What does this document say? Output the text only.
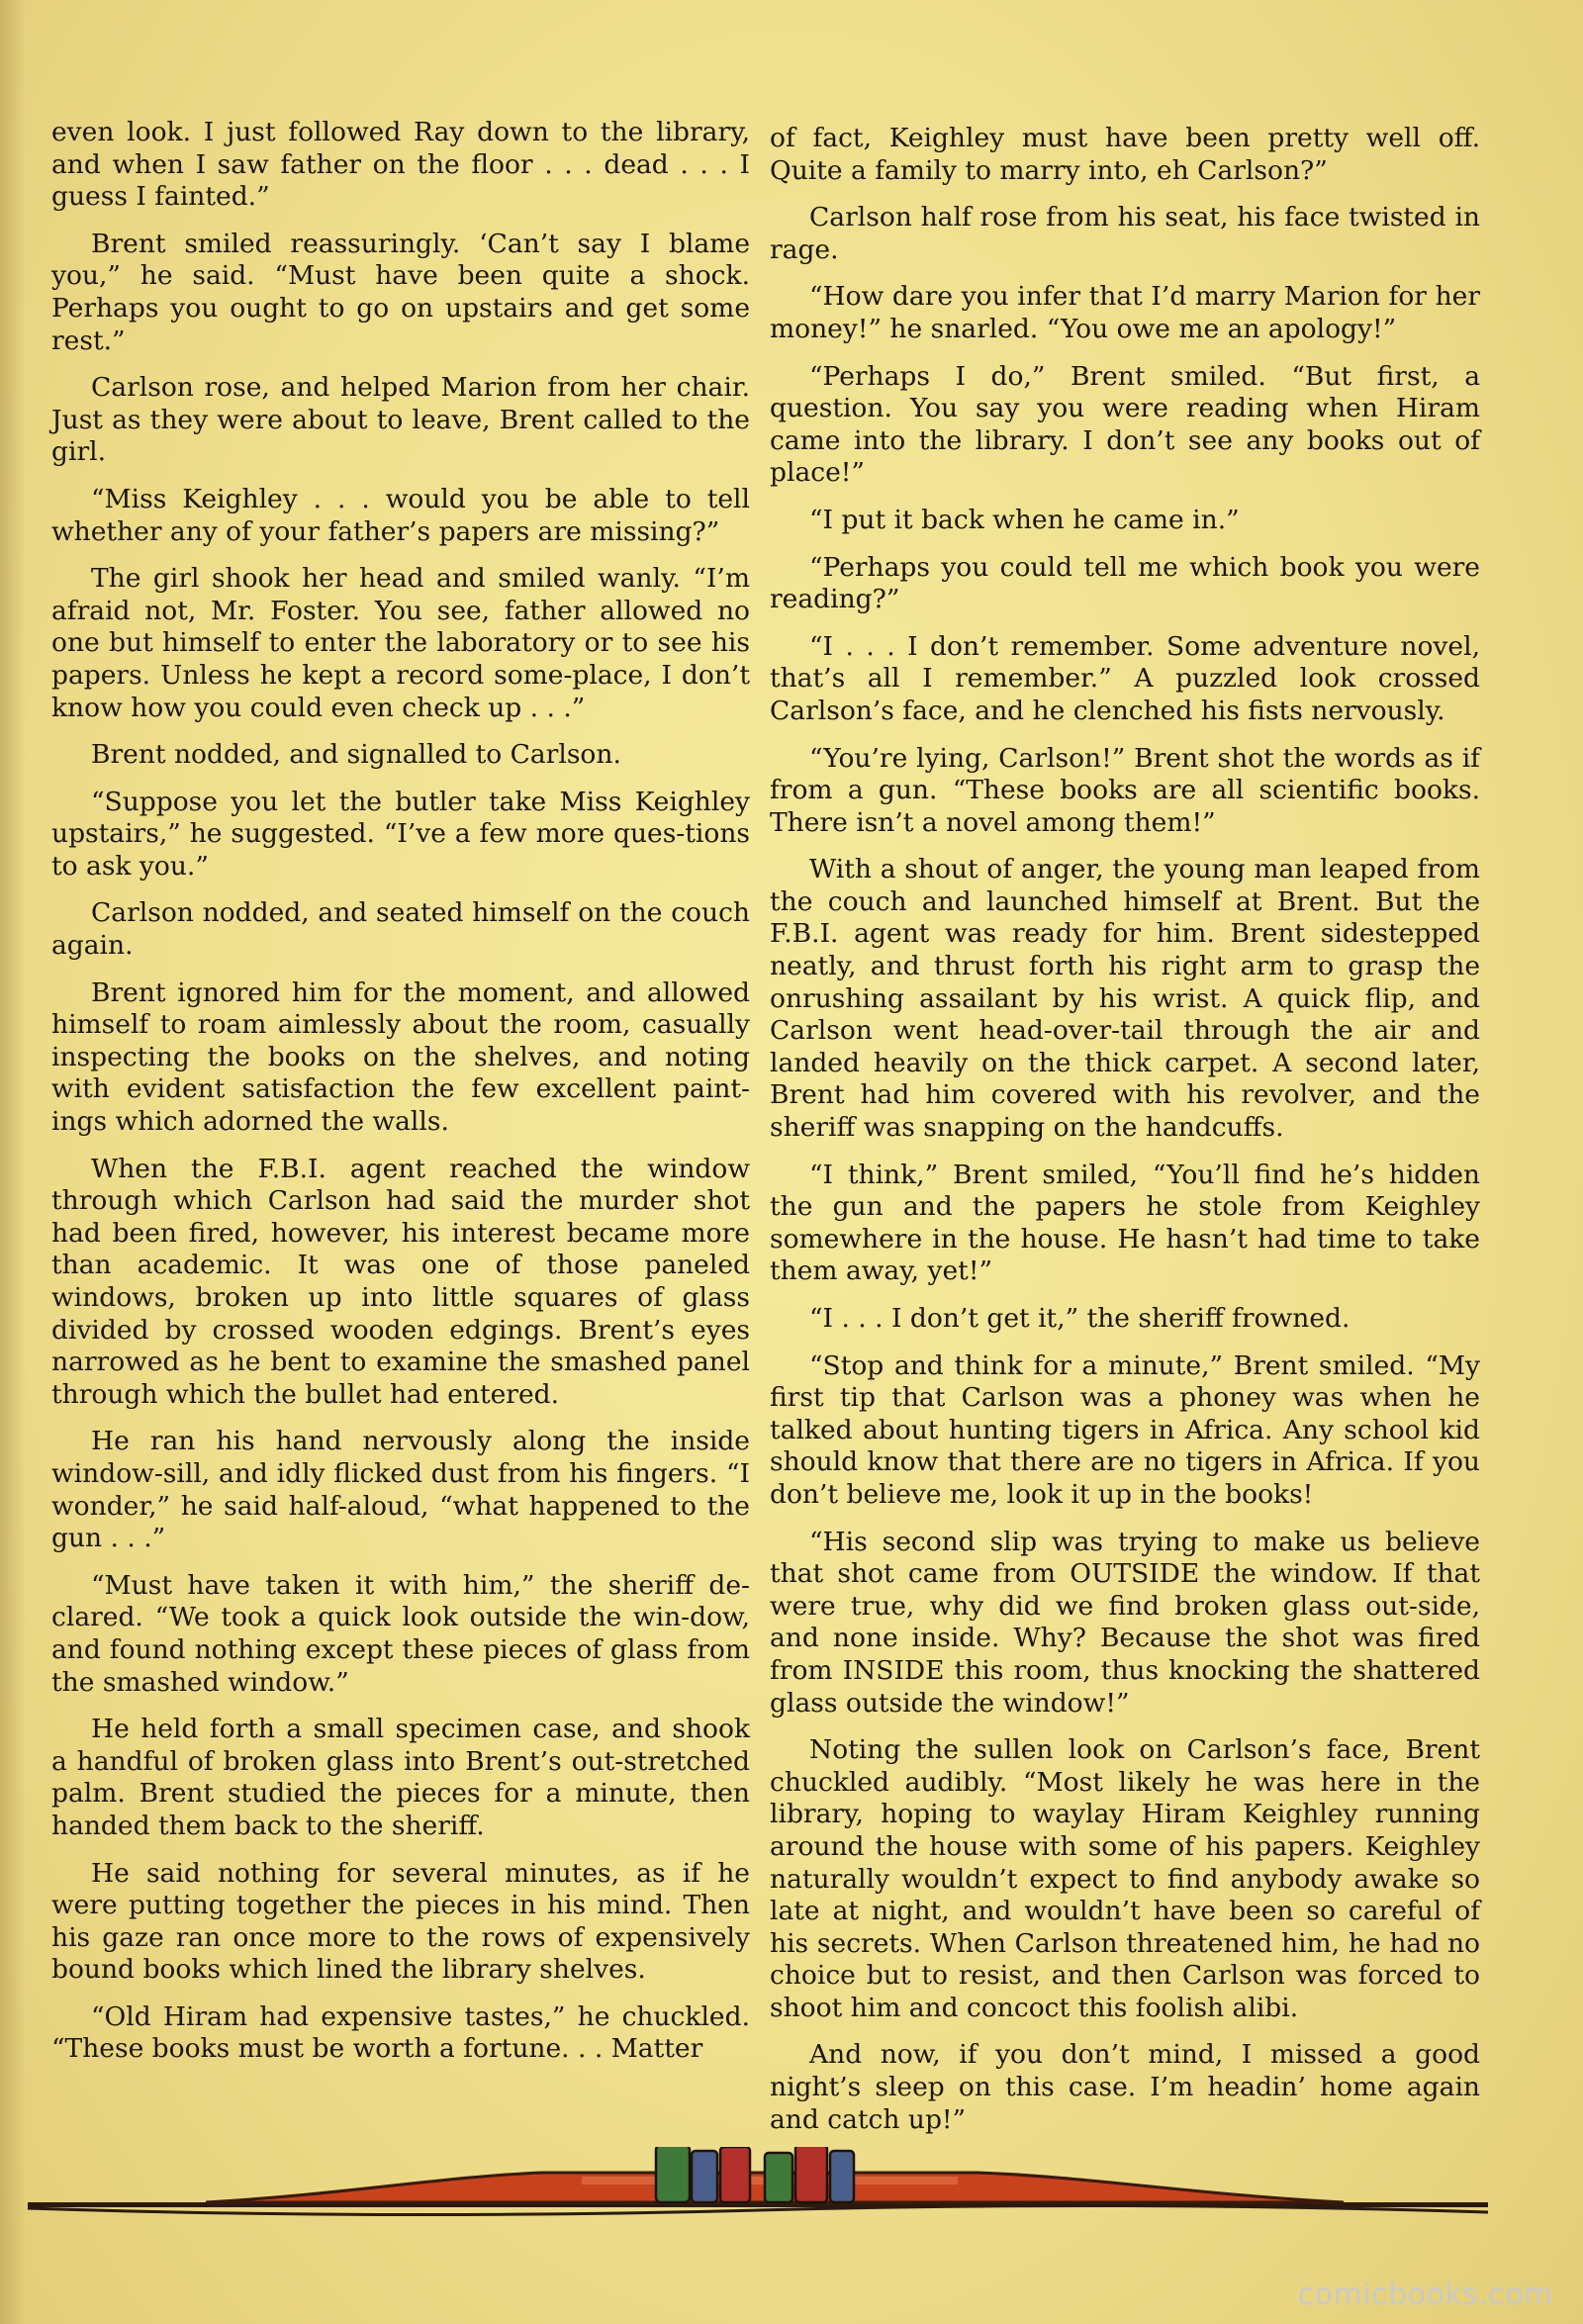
even look. I just followed Ray down to the library, and when I saw father on the floor . . . dead . . . I guess I fainted.”

Brent smiled reassuringly. ‘Can’t say I blame you,” he said. “Must have been quite a shock. Perhaps you ought to go on upstairs and get some rest.”

Carlson rose, and helped Marion from her chair. Just as they were about to leave, Brent called to the girl.

“Miss Keighley . . . would you be able to tell whether any of your father’s papers are missing?”

The girl shook her head and smiled wanly. “I’m afraid not, Mr. Foster. You see, father allowed no one but himself to enter the laboratory or to see his papers. Unless he kept a record some-place, I don’t know how you could even check up . . .”

Brent nodded, and signalled to Carlson.

“Suppose you let the butler take Miss Keighley upstairs,” he suggested. “I’ve a few more ques-tions to ask you.”

Carlson nodded, and seated himself on the couch again.

Brent ignored him for the moment, and allowed himself to roam aimlessly about the room, casually inspecting the books on the shelves, and noting with evident satisfaction the few excellent paint-ings which adorned the walls.

When the F.B.I. agent reached the window through which Carlson had said the murder shot had been fired, however, his interest became more than academic. It was one of those paneled windows, broken up into little squares of glass divided by crossed wooden edgings. Brent’s eyes narrowed as he bent to examine the smashed panel through which the bullet had entered.

He ran his hand nervously along the inside window-sill, and idly flicked dust from his fingers. “I wonder,” he said half-aloud, “what happened to the gun . . .”

“Must have taken it with him,” the sheriff de-clared. “We took a quick look outside the win-dow, and found nothing except these pieces of glass from the smashed window.”

He held forth a small specimen case, and shook a handful of broken glass into Brent’s out-stretched palm. Brent studied the pieces for a minute, then handed them back to the sheriff.

He said nothing for several minutes, as if he were putting together the pieces in his mind. Then his gaze ran once more to the rows of expensively bound books which lined the library shelves.

“Old Hiram had expensive tastes,” he chuckled. “These books must be worth a fortune. . . Matter

of fact, Keighley must have been pretty well off. Quite a family to marry into, eh Carlson?”

Carlson half rose from his seat, his face twisted in rage.

“How dare you infer that I’d marry Marion for her money!” he snarled. “You owe me an apology!”

“Perhaps I do,” Brent smiled. “But first, a question. You say you were reading when Hiram came into the library. I don’t see any books out of place!”

“I put it back when he came in.”

“Perhaps you could tell me which book you were reading?”

“I . . . I don’t remember. Some adventure novel, that’s all I remember.” A puzzled look crossed Carlson’s face, and he clenched his fists nervously.

“You’re lying, Carlson!” Brent shot the words as if from a gun. “These books are all scientific books. There isn’t a novel among them!”

With a shout of anger, the young man leaped from the couch and launched himself at Brent. But the F.B.I. agent was ready for him. Brent sidestepped neatly, and thrust forth his right arm to grasp the onrushing assailant by his wrist. A quick flip, and Carlson went head-over-tail through the air and landed heavily on the thick carpet. A second later, Brent had him covered with his revolver, and the sheriff was snapping on the handcuffs.

“I think,” Brent smiled, “You’ll find he’s hidden the gun and the papers he stole from Keighley somewhere in the house. He hasn’t had time to take them away, yet!”

“I . . . I don’t get it,” the sheriff frowned.

“Stop and think for a minute,” Brent smiled. “My first tip that Carlson was a phoney was when he talked about hunting tigers in Africa. Any school kid should know that there are no tigers in Africa. If you don’t believe me, look it up in the books!

“His second slip was trying to make us believe that shot came from OUTSIDE the window. If that were true, why did we find broken glass out-side, and none inside. Why? Because the shot was fired from INSIDE this room, thus knocking the shattered glass outside the window!”

Noting the sullen look on Carlson’s face, Brent chuckled audibly. “Most likely he was here in the library, hoping to waylay Hiram Keighley running around the house with some of his papers. Keighley naturally wouldn’t expect to find anybody awake so late at night, and wouldn’t have been so careful of his secrets. When Carlson threatened him, he had no choice but to resist, and then Carlson was forced to shoot him and concoct this foolish alibi.

And now, if you don’t mind, I missed a good night’s sleep on this case. I’m headin’ home again and catch up!”

comicbooks.com
